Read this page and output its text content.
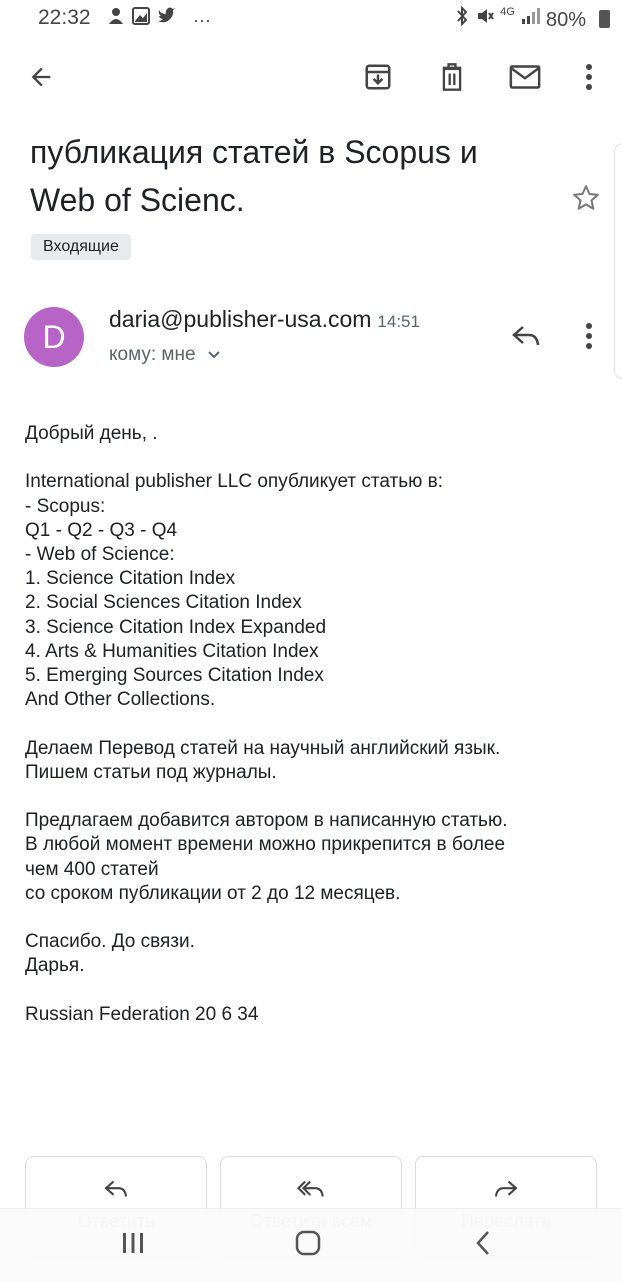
22:32	···	$^{4G}$ 80%
публикация статей в Scopus и
Web of Scienc​.
Входящие
D	daria@publisher-usa.com 14:51
кому: мне
Добрый день, .

International publisher LLC опубликует статью в:
- Scopus:
Q1 - Q2 - Q3 - Q4
- Web of Science:
1. Science Citation Index
2. Social Sciences Citation Index
3. Science Citation Index Expanded
4. Arts & Humanities Citation Index
5. Emerging Sources Citation Index
And Other Collections.

Делаем Перевод статей на научный английский язык.
Пишем статьи под журналы.

Предлагаем добавится автором в написанную статью.
В любой момент времени можно прикрепится в более
чем 400 статей
со сроком публикации от 2 до 12 месяцев.

Спасибо. До связи.
Дарья.

Russian Federation 20 6 34
